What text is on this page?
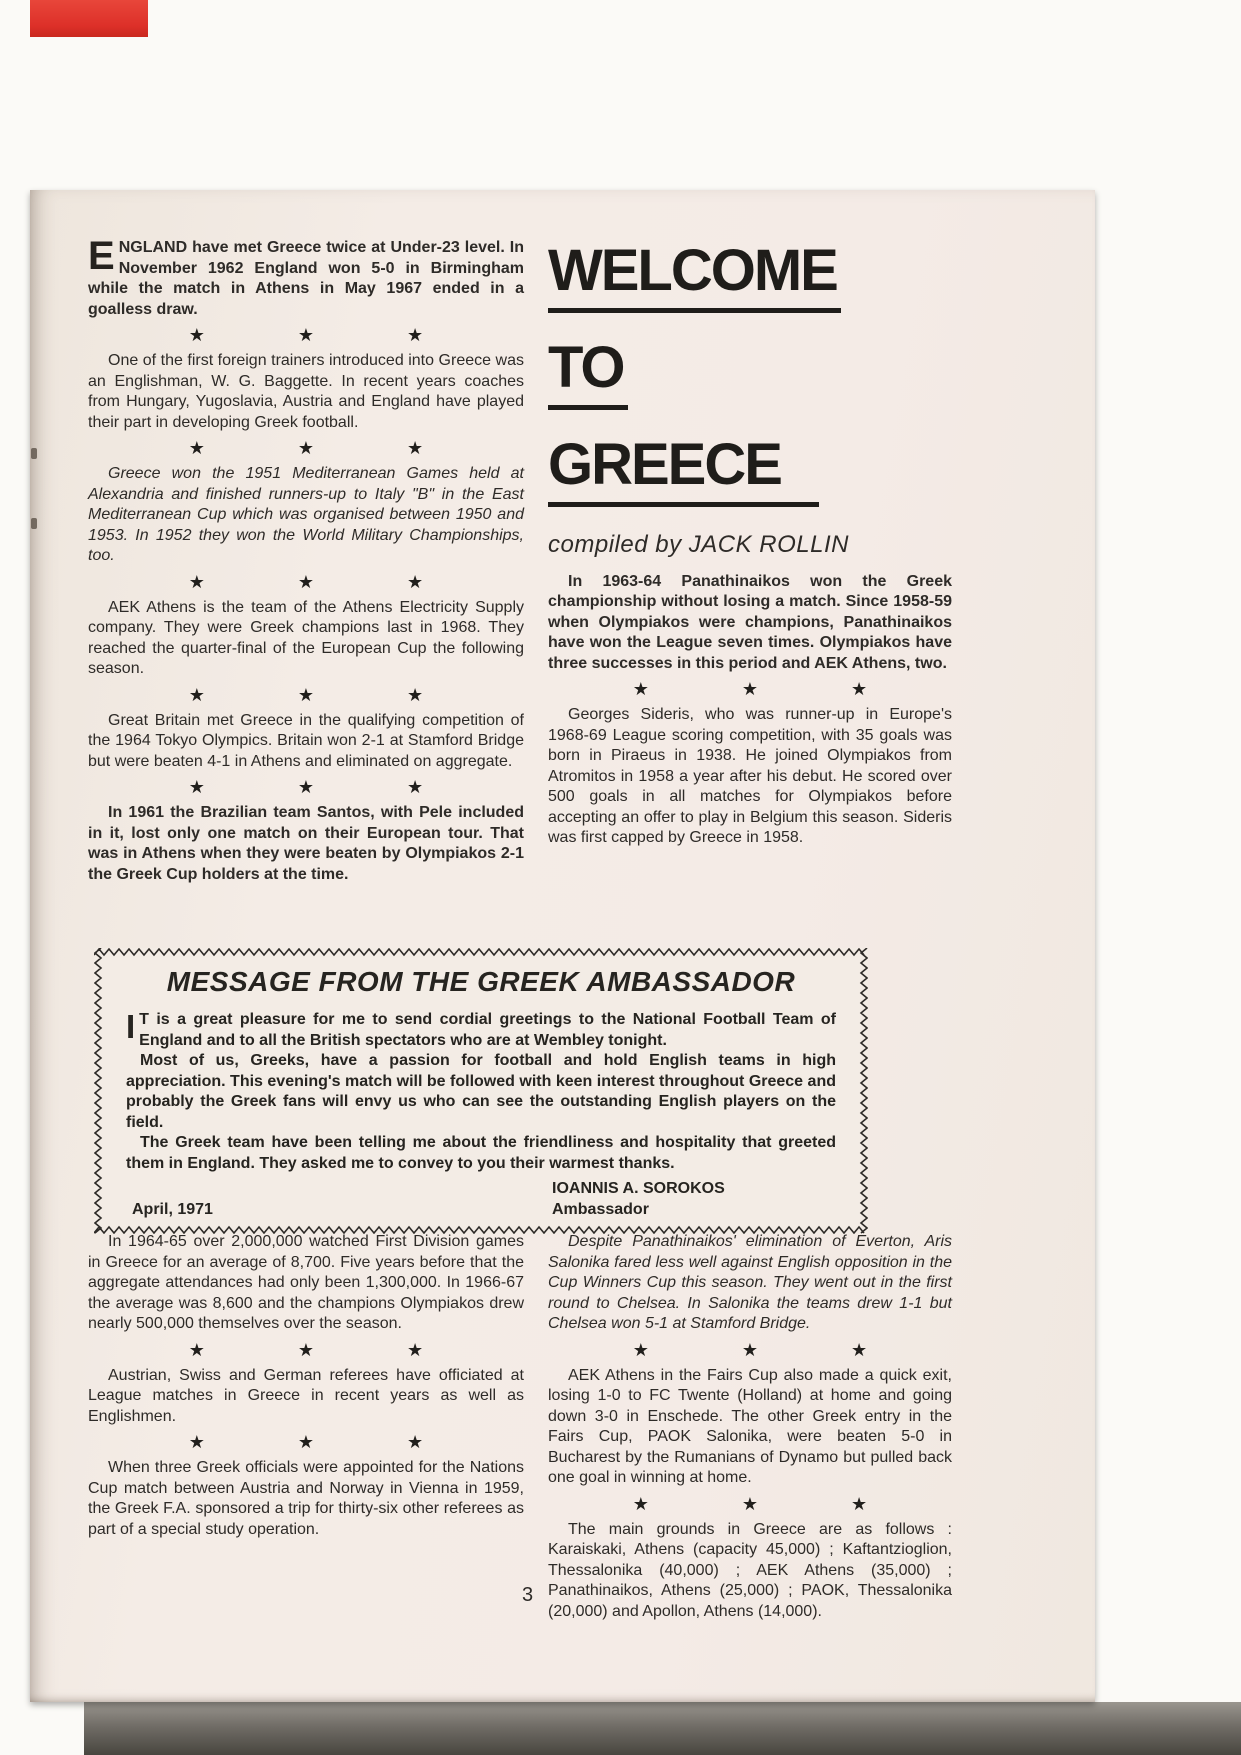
ENGLAND have met Greece twice at Under-23 level. In November 1962 England won 5-0 in Birmingham while the match in Athens in May 1967 ended in a goalless draw.

★ ★ ★

One of the first foreign trainers introduced into Greece was an Englishman, W. G. Baggette. In recent years coaches from Hungary, Yugoslavia, Austria and England have played their part in developing Greek football.

★ ★ ★

Greece won the 1951 Mediterranean Games held at Alexandria and finished runners-up to Italy "B" in the East Mediterranean Cup which was organised between 1950 and 1953. In 1952 they won the World Military Championships, too.

★ ★ ★

AEK Athens is the team of the Athens Electricity Supply company. They were Greek champions last in 1968. They reached the quarter-final of the European Cup the following season.

★ ★ ★

Great Britain met Greece in the qualifying competition of the 1964 Tokyo Olympics. Britain won 2-1 at Stamford Bridge but were beaten 4-1 in Athens and eliminated on aggregate.

★ ★ ★

In 1961 the Brazilian team Santos, with Pele included in it, lost only one match on their European tour. That was in Athens when they were beaten by Olympiakos 2-1 the Greek Cup holders at the time.

WELCOME
TO
GREECE
compiled by JACK ROLLIN

In 1963-64 Panathinaikos won the Greek championship without losing a match. Since 1958-59 when Olympiakos were champions, Panathinaikos have won the League seven times. Olympiakos have three successes in this period and AEK Athens, two.

★ ★ ★

Georges Sideris, who was runner-up in Europe's 1968-69 League scoring competition, with 35 goals was born in Piraeus in 1938. He joined Olympiakos from Atromitos in 1958 a year after his debut. He scored over 500 goals in all matches for Olympiakos before accepting an offer to play in Belgium this season. Sideris was first capped by Greece in 1958.

MESSAGE FROM THE GREEK AMBASSADOR

I T is a great pleasure for me to send cordial greetings to the National Football Team of England and to all the British spectators who are at Wembley tonight.

Most of us, Greeks, have a passion for football and hold English teams in high appreciation. This evening's match will be followed with keen interest throughout Greece and probably the Greek fans will envy us who can see the outstanding English players on the field.

The Greek team have been telling me about the friendliness and hospitality that greeted them in England. They asked me to convey to you their warmest thanks.

IOANNIS A. SOROKOS
Ambassador
April, 1971

In 1964-65 over 2,000,000 watched First Division games in Greece for an average of 8,700. Five years before that the aggregate attendances had only been 1,300,000. In 1966-67 the average was 8,600 and the champions Olympiakos drew nearly 500,000 themselves over the season.

★ ★ ★

Austrian, Swiss and German referees have officiated at League matches in Greece in recent years as well as Englishmen.

★ ★ ★

When three Greek officials were appointed for the Nations Cup match between Austria and Norway in Vienna in 1959, the Greek F.A. sponsored a trip for thirty-six other referees as part of a special study operation.

Despite Panathinaikos' elimination of Everton, Aris Salonika fared less well against English opposition in the Cup Winners Cup this season. They went out in the first round to Chelsea. In Salonika the teams drew 1-1 but Chelsea won 5-1 at Stamford Bridge.

★ ★ ★

AEK Athens in the Fairs Cup also made a quick exit, losing 1-0 to FC Twente (Holland) at home and going down 3-0 in Enschede. The other Greek entry in the Fairs Cup, PAOK Salonika, were beaten 5-0 in Bucharest by the Rumanians of Dynamo but pulled back one goal in winning at home.

★ ★ ★

The main grounds in Greece are as follows : Karaiskaki, Athens (capacity 45,000) ; Kaftantzioglion, Thessalonika (40,000) ; AEK Athens (35,000) ; Panathinaikos, Athens (25,000) ; PAOK, Thessalonika (20,000) and Apollon, Athens (14,000).

3
